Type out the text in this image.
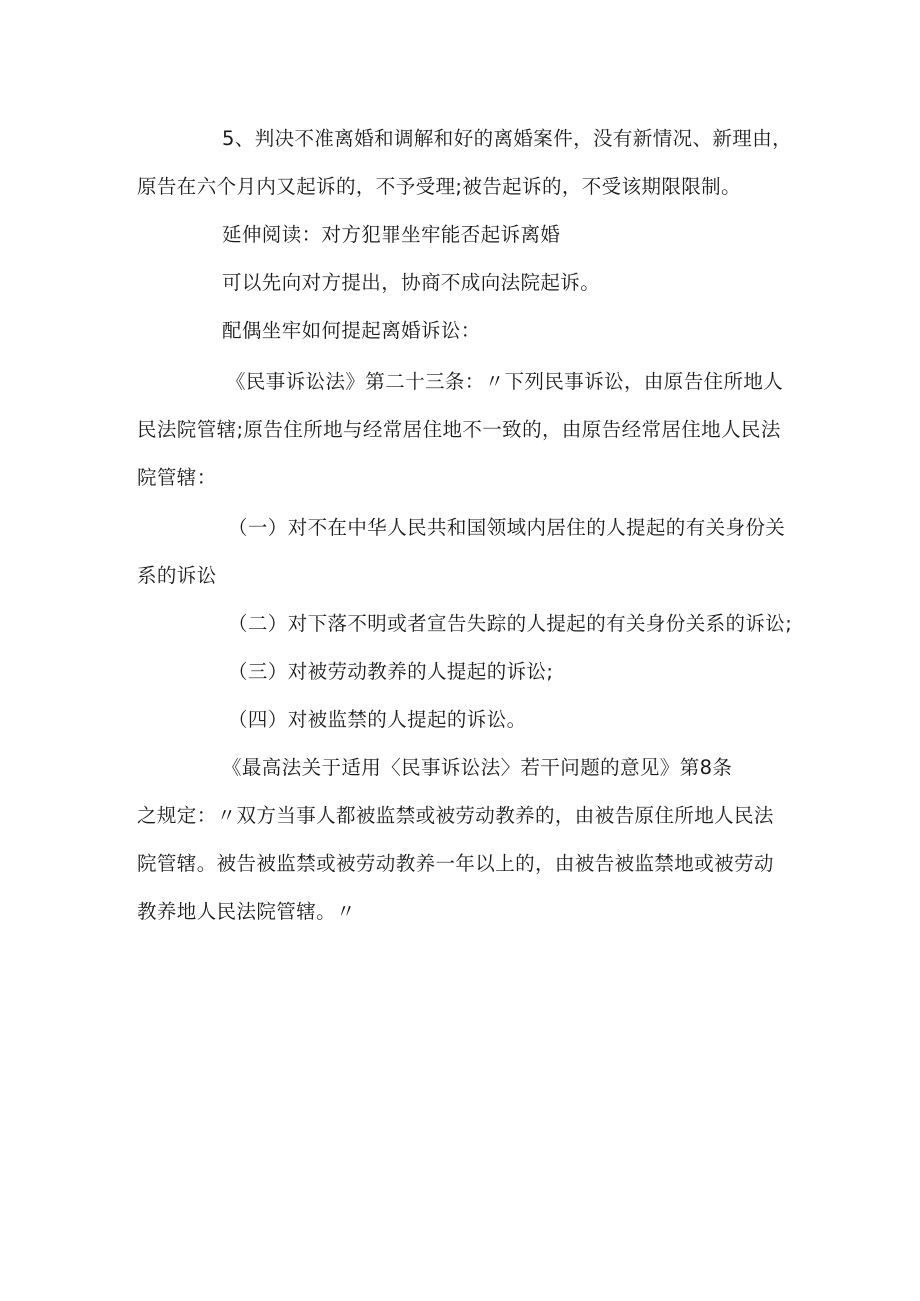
5、判决不准离婚和调解和好的离婚案件，没有新情况、新理由，
原告在六个月内又起诉的，不予受理;被告起诉的，不受该期限限制。
延伸阅读：对方犯罪坐牢能否起诉离婚
可以先向对方提出，协商不成向法院起诉。
配偶坐牢如何提起离婚诉讼：
《民事诉讼法》第二十三条：〃下列民事诉讼，由原告住所地人
民法院管辖;原告住所地与经常居住地不一致的，由原告经常居住地人民法
院管辖：
（一）对不在中华人民共和国领域内居住的人提起的有关身份关
系的诉讼
（二）对下落不明或者宣告失踪的人提起的有关身份关系的诉讼;
（三）对被劳动教养的人提起的诉讼;
（四）对被监禁的人提起的诉讼。
《最高法关于适用〈民事诉讼法〉若干问题的意见》第8条
之规定：〃双方当事人都被监禁或被劳动教养的，由被告原住所地人民法
院管辖。被告被监禁或被劳动教养一年以上的，由被告被监禁地或被劳动
教养地人民法院管辖。〃
